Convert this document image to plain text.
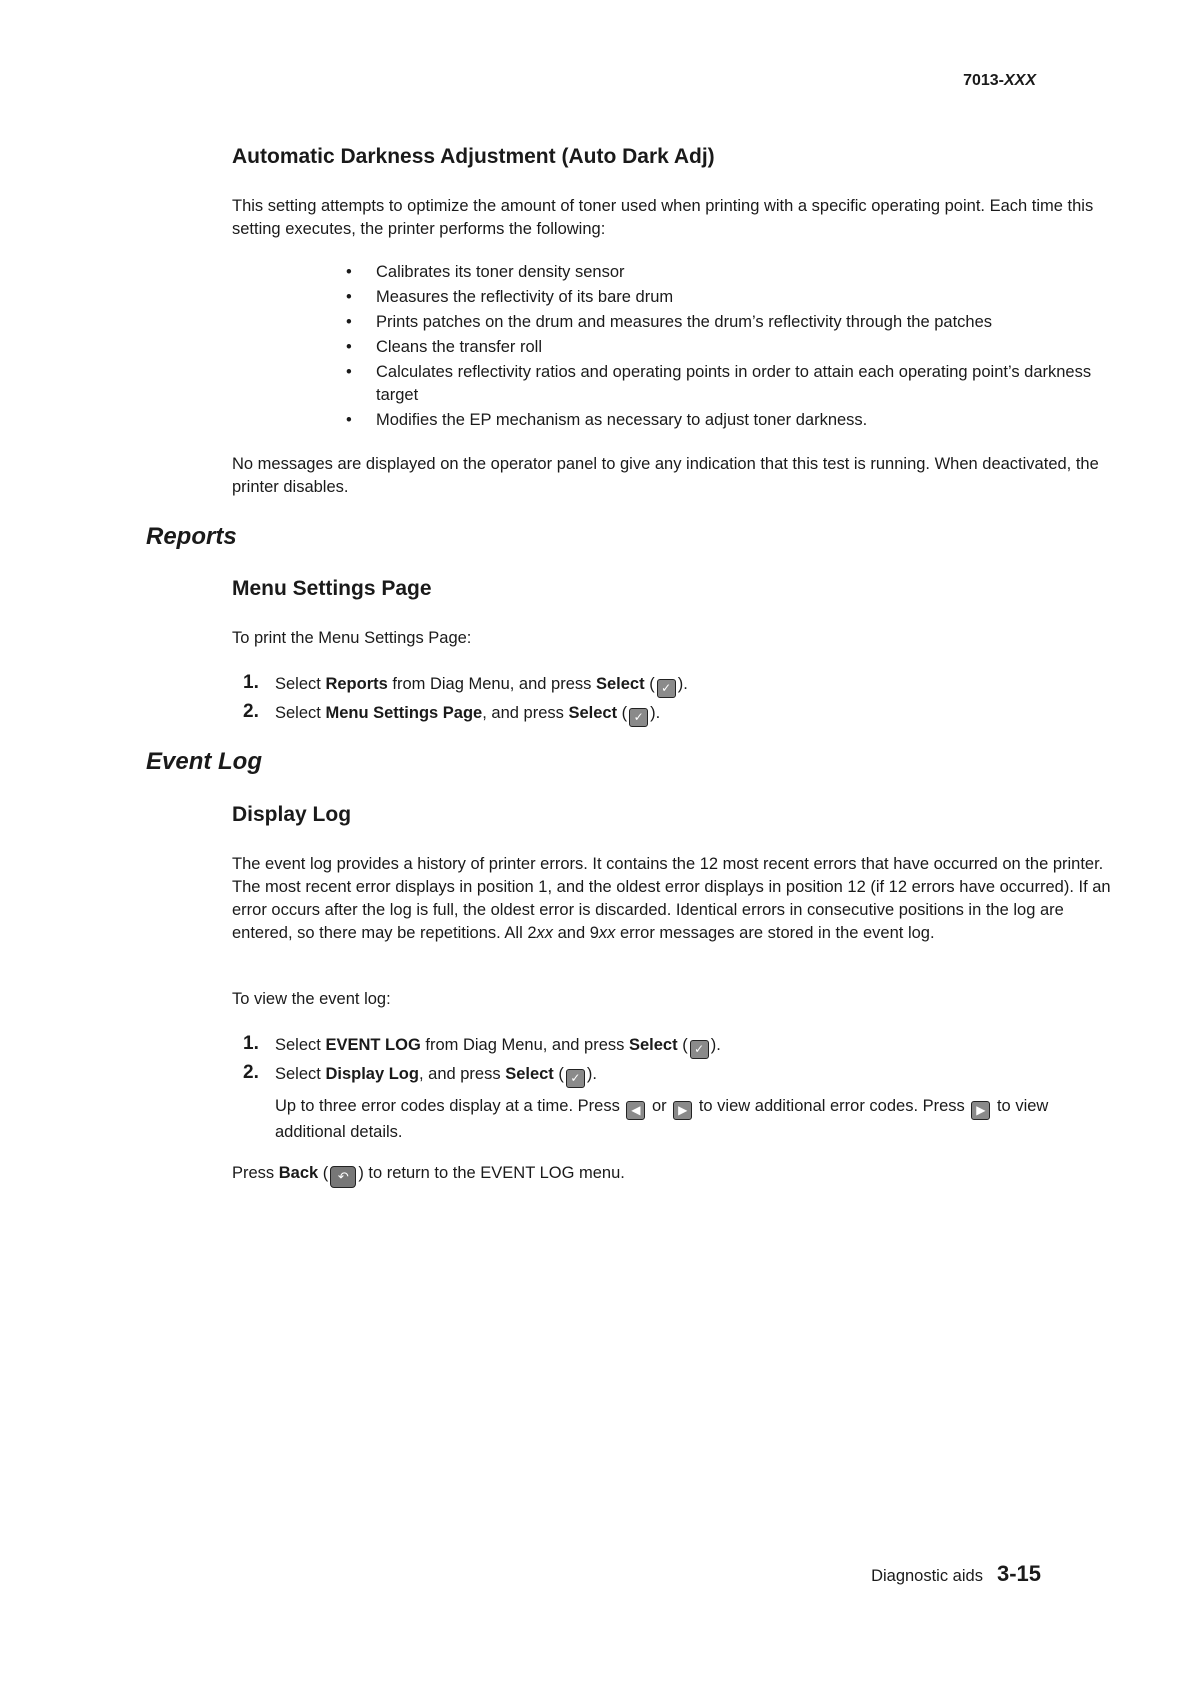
7013-XXX
Automatic Darkness Adjustment (Auto Dark Adj)
This setting attempts to optimize the amount of toner used when printing with a specific operating point. Each time this setting executes, the printer performs the following:
• Calibrates its toner density sensor
• Measures the reflectivity of its bare drum
• Prints patches on the drum and measures the drum’s reflectivity through the patches
• Cleans the transfer roll
• Calculates reflectivity ratios and operating points in order to attain each operating point’s darkness target
• Modifies the EP mechanism as necessary to adjust toner darkness.
No messages are displayed on the operator panel to give any indication that this test is running. When deactivated, the printer disables.
Reports
Menu Settings Page
To print the Menu Settings Page:
1. Select Reports from Diag Menu, and press Select ( ✓ ).
2. Select Menu Settings Page, and press Select ( ✓ ).
Event Log
Display Log
The event log provides a history of printer errors. It contains the 12 most recent errors that have occurred on the printer. The most recent error displays in position 1, and the oldest error displays in position 12 (if 12 errors have occurred). If an error occurs after the log is full, the oldest error is discarded. Identical errors in consecutive positions in the log are entered, so there may be repetitions. All 2xx and 9xx error messages are stored in the event log.
To view the event log:
1. Select EVENT LOG from Diag Menu, and press Select ( ✓ ).
2. Select Display Log, and press Select ( ✓ ).
Up to three error codes display at a time. Press ◀ or ▶ to view additional error codes. Press ▶ to view additional details.
Press Back ( ↶ ) to return to the EVENT LOG menu.
Diagnostic aids 3-15
